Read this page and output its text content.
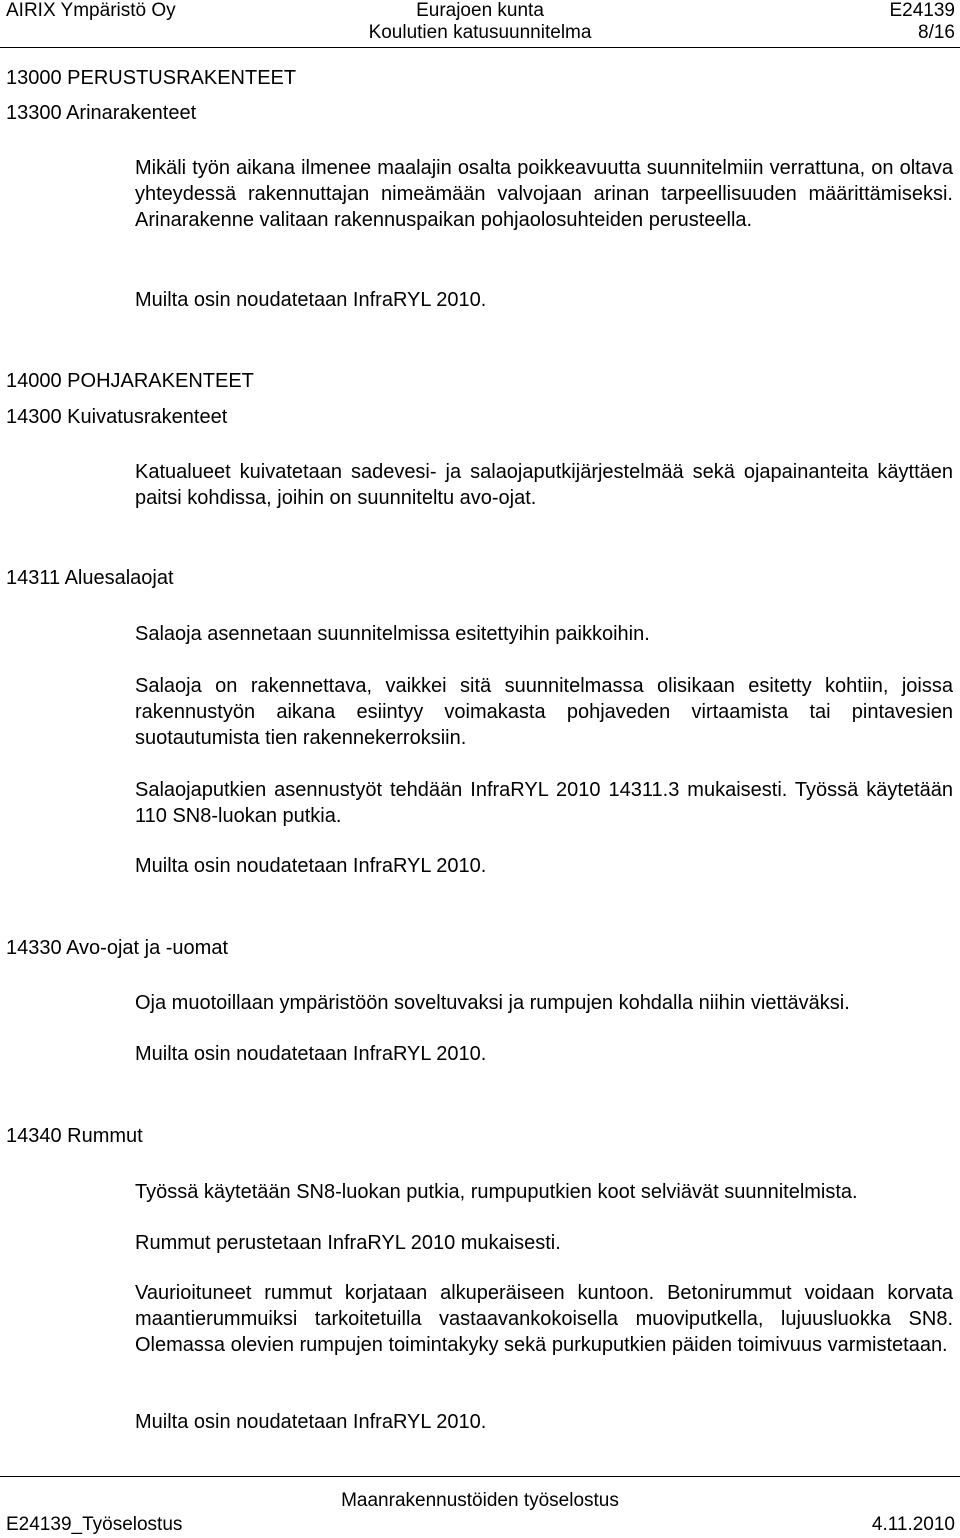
AIRIX Ympäristö Oy	Eurajoen kunta
Koulutien katusuunnitelma
E24139
8/16
13000 PERUSTUSRAKENTEET
13300 Arinarakenteet
Mikäli työn aikana ilmenee maalajin osalta poikkeavuutta suunnitelmiin verrattuna, on oltava yhteydessä rakennuttajan nimeämään valvojaan arinan tarpeellisuuden määrittämiseksi. Arinarakenne valitaan rakennuspaikan pohjaolosuhteiden perusteella.
Muilta osin noudatetaan InfraRYL 2010.
14000 POHJARAKENTEET
14300 Kuivatusrakenteet
Katualueet kuivatetaan sadevesi- ja salaojaputkijärjestelmää sekä ojapainanteita käyttäen paitsi kohdissa, joihin on suunniteltu avo-ojat.
14311 Aluesalaojat
Salaoja asennetaan suunnitelmissa esitettyihin paikkoihin.
Salaoja on rakennettava, vaikkei sitä suunnitelmassa olisikaan esitetty kohtiin, joissa rakennustyön aikana esiintyy voimakasta pohjaveden virtaamista tai pintavesien suotautumista tien rakennekerroksiin.
Salaojaputkien asennustyöt tehdään InfraRYL 2010 14311.3 mukaisesti. Työssä käytetään 110 SN8-luokan putkia.
Muilta osin noudatetaan InfraRYL 2010.
14330 Avo-ojat ja -uomat
Oja muotoillaan ympäristöön soveltuvaksi ja rumpujen kohdalla niihin viettäväksi.
Muilta osin noudatetaan InfraRYL 2010.
14340 Rummut
Työssä käytetään SN8-luokan putkia, rumpuputkien koot selviävät suunnitelmista.
Rummut perustetaan InfraRYL 2010 mukaisesti.
Vaurioituneet rummut korjataan alkuperäiseen kuntoon. Betonirummut voidaan korvata maantierummuiksi tarkoitetuilla vastaavankokoisella muoviputkella, lujuusluokka SN8. Olemassa olevien rumpujen toimintakyky sekä purkuputkien päiden toimivuus varmistetaan.
Muilta osin noudatetaan InfraRYL 2010.
Maanrakennustöiden työselostus
E24139_Työselostus	4.11.2010
